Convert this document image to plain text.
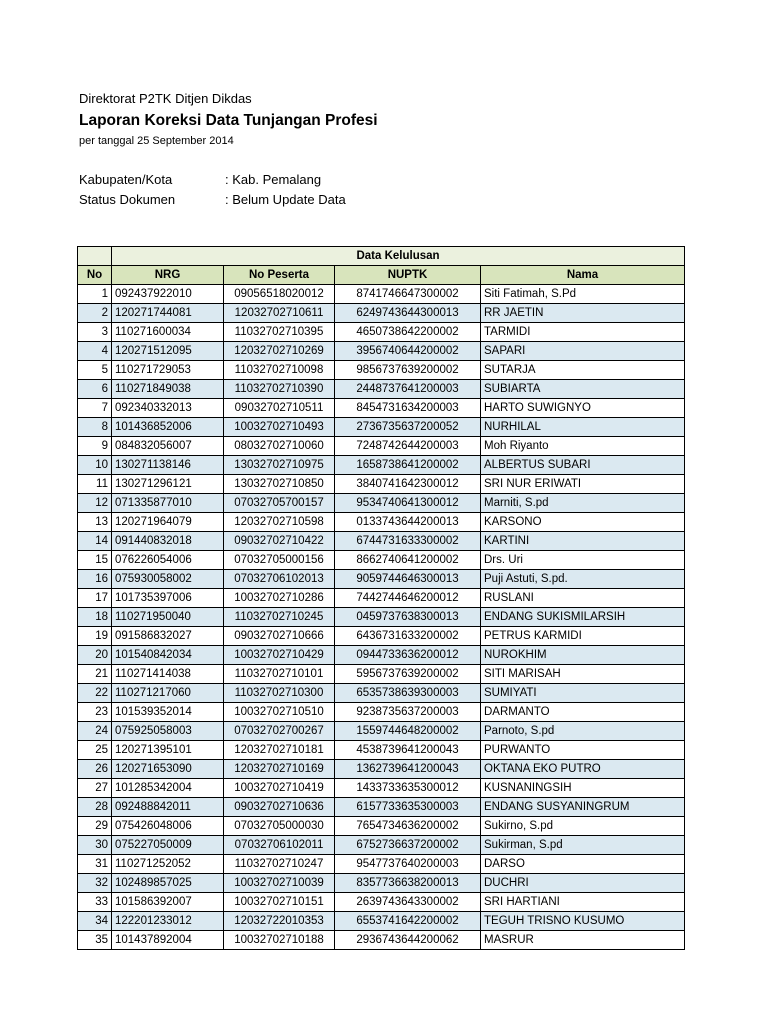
Direktorat P2TK Ditjen Dikdas
Laporan Koreksi Data Tunjangan Profesi
per tanggal 25 September 2014
Kabupaten/Kota	: Kab. Pemalang
Status Dokumen	: Belum Update Data
	Data Kelulusan			
No	NRG	No Peserta	NUPTK	Nama
1	092437922010	09056518020012	8741746647300002	Siti Fatimah, S.Pd
2	120271744081	12032702710611	6249743644300013	RR JAETIN
3	110271600034	11032702710395	4650738642200002	TARMIDI
4	120271512095	12032702710269	3956740644200002	SAPARI
5	110271729053	11032702710098	9856737639200002	SUTARJA
6	110271849038	11032702710390	2448737641200003	SUBIARTA
7	092340332013	09032702710511	8454731634200003	HARTO SUWIGNYO
8	101436852006	10032702710493	2736735637200052	NURHILAL
9	084832056007	08032702710060	7248742644200003	Moh Riyanto
10	130271138146	13032702710975	1658738641200002	ALBERTUS SUBARI
11	130271296121	13032702710850	3840741642300012	SRI NUR ERIWATI
12	071335877010	07032705700157	9534740641300012	Marniti, S.pd
13	120271964079	12032702710598	0133743644200013	KARSONO
14	091440832018	09032702710422	6744731633300002	KARTINI
15	076226054006	07032705000156	8662740641200002	Drs. Uri
16	075930058002	07032706102013	9059744646300013	Puji Astuti, S.pd.
17	101735397006	10032702710286	7442744646200012	RUSLANI
18	110271950040	11032702710245	0459737638300013	ENDANG SUKISMILARSIH
19	091586832027	09032702710666	6436731633200002	PETRUS KARMIDI
20	101540842034	10032702710429	0944733636200012	NUROKHIM
21	110271414038	11032702710101	5956737639200002	SITI MARISAH
22	110271217060	11032702710300	6535738639300003	SUMIYATI
23	101539352014	10032702710510	9238735637200003	DARMANTO
24	075925058003	07032702700267	1559744648200002	Parnoto, S.pd
25	120271395101	12032702710181	4538739641200043	PURWANTO
26	120271653090	12032702710169	1362739641200043	OKTANA EKO PUTRO
27	101285342004	10032702710419	1433733635300012	KUSNANINGSIH
28	092488842011	09032702710636	6157733635300003	ENDANG SUSYANINGRUM
29	075426048006	07032705000030	7654734636200002	Sukirno, S.pd
30	075227050009	07032706102011	6752736637200002	Sukirman, S.pd
31	110271252052	11032702710247	9547737640200003	DARSO
32	102489857025	10032702710039	8357736638200013	DUCHRI
33	101586392007	10032702710151	2639743643300002	SRI HARTIANI
34	122201233012	12032722010353	6553741642200002	TEGUH TRISNO KUSUMO
35	101437892004	10032702710188	2936743644200062	MASRUR
